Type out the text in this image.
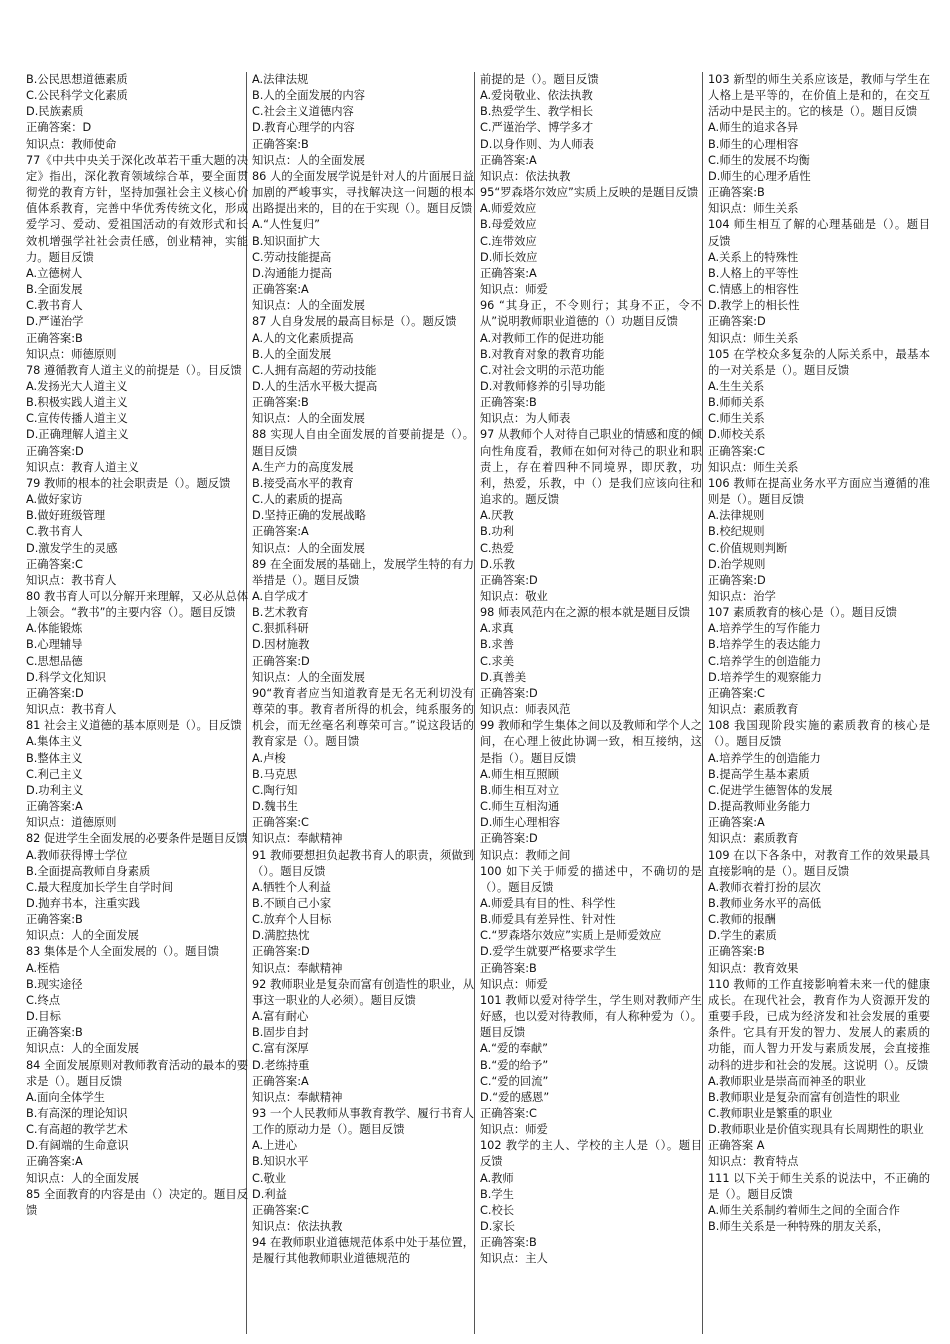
B.公民思想道德素质
C.公民科学文化素质
D.民族素质
正确答案：D
知识点：教师使命
77《中共中央关于深化改革若干重大题的决定》指出，深化教育领域综合革，要全面贯彻党的教育方针，坚持加强社会主义核心价值体系教育，完善中华优秀传统文化，形成爱学习、爱动、爱祖国活动的有效形式和长效机增强学社社会责任感，创业精神，实能力。题目反馈
A.立德树人
B.全面发展
C.教书育人
D.严谨治学
正确答案:B
知识点：师德原则
78 遵循教育人道主义的前提是（）。目反馈
A.发扬光大人道主义
B.积极实践人道主义
C.宣传传播人道主义
D.正确理解人道主义
正确答案:D
知识点：教育人道主义
79 教师的根本的社会职责是（）。题反馈
A.做好家访
B.做好班级管理
C.教书育人
D.激发学生的灵感
正确答案:C
知识点：教书育人
80 教书育人可以分解开来理解，又必从总体上领会。“教书”的主要内容（）。题目反馈
A.体能锻炼
B.心理辅导
C.思想品德
D.科学文化知识
正确答案:D
知识点：教书育人
81 社会主义道德的基本原则是（）。目反馈
A.集体主义
B.整体主义
C.利己主义
D.功利主义
正确答案:A
知识点：道德原则
82 促进学生全面发展的必要条件是题目反馈
A.教师获得博士学位
B.全面提高教师自身素质
C.最大程度加长学生自学时间
D.抛弃书本，注重实践
正确答案:B
知识点：人的全面发展
83 集体是个人全面发展的（）。题目馈
A.桎梏
B.现实途径
C.终点
D.目标
正确答案:B
知识点：人的全面发展
84 全面发展原则对教师教育活动的最本的要求是（）。题目反馈
A.面向全体学生
B.有高深的理论知识
C.有高超的教学艺术
D.有阔端的生命意识
正确答案:A
知识点：人的全面发展
85 全面教育的内容是由（）决定的。题目反馈
A.法律法规
B.人的全面发展的内容
C.社会主义道德内容
D.教育心理学的内容
正确答案:B
知识点：人的全面发展
86 人的全面发展学说是针对人的片面展日益加剧的严峻事实，寻找解决这一问题的根本出路提出来的，目的在于实现（）。题目反馈
A.“人性复归”
B.知识面扩大
C.劳动技能提高
D.沟通能力提高
正确答案:A
知识点：人的全面发展
87 人自身发展的最高目标是（）。题反馈
A.人的文化素质提高
B.人的全面发展
C.人拥有高超的劳动技能
D.人的生活水平极大提高
正确答案:B
知识点：人的全面发展
88 实现人自由全面发展的首要前提是（）。题目反馈
A.生产力的高度发展
B.接受高水平的教育
C.人的素质的提高
D.坚持正确的发展战略
正确答案:A
知识点：人的全面发展
89 在全面发展的基础上，发展学生特的有力举措是（）。题目反馈
A.自学成才
B.艺术教育
C.狠抓科研
D.因材施教
正确答案:D
知识点：人的全面发展
90“教育者应当知道教育是无名无利切没有尊荣的事。教育者所得的机会，纯系服务的机会，而无丝毫名利尊荣可言。”说这段话的教育家是（）。题目馈
A.卢梭
B.马克思
C.陶行知
D.魏书生
正确答案:C
知识点：奉献精神
91 教师要想担负起教书育人的职责，须做到（）。题目反馈
A.牺牲个人利益
B.不顾自己小家
C.放弃个人目标
D.满腔热忱
正确答案:D
知识点：奉献精神
92 教师职业是复杂而富有创造性的职业，从事这一职业的人必须）。题目反馈
A.富有耐心
B.固步自封
C.富有深厚
D.老练持重
正确答案:A
知识点：奉献精神
93 一个人民教师从事教育教学、履行书育人工作的原动力是（）。题目反馈
A.上进心
B.知识水平
C.敬业
D.利益
正确答案:C
知识点：依法执教
94 在教师职业道德规范体系中处于基位置，是履行其他教师职业道德规范的
前提的是（）。题目反馈
A.爱岗敬业、依法执教
B.热爱学生、教学相长
C.严谨治学、博学多才
D.以身作则、为人师表
正确答案:A
知识点：依法执教
95“罗森塔尔效应”实质上反映的是题目反馈
A.师爱效应
B.母爱效应
C.连带效应
D.师长效应
正确答案:A
知识点：师爱
96 “其身正，不令则行；其身不正，令不从”说明教师职业道德的（）功题目反馈
A.对教师工作的促进功能
B.对教育对象的教育功能
C.对社会文明的示范功能
D.对教师修养的引导功能
正确答案:B
知识点：为人师表
97 从教师个人对待自己职业的情感和度的倾向性角度看，教师在如何对待己的职业和职责上，存在着四种不同境界，即厌教，功利，热爱，乐教，中（）是我们应该向往和追求的。题反馈
A.厌教
B.功利
C.热爱
D.乐教
正确答案:D
知识点：敬业
98 师表风范内在之源的根本就是题目反馈
A.求真
B.求善
C.求美
D.真善美
正确答案:D
知识点：师表风范
99 教师和学生集体之间以及教师和学个人之间，在心理上彼此协调一致，相互接纳，这是指（）。题目反馈
A.师生相互照顾
B.师生相互对立
C.师生互相沟通
D.师生心理相容
正确答案:D
知识点：教师之间
100 如下关于师爱的描述中，不确切的是（）。题目反馈
A.师爱具有目的性、科学性
B.师爱具有差异性、针对性
C.“罗森塔尔效应”实质上是师爱效应
D.爱学生就要严格要求学生
正确答案:B
知识点：师爱
101 教师以爱对待学生，学生则对教师产生好感，也以爱对待教师，有人称种爱为（）。题目反馈
A.“爱的奉献”
B.“爱的给予”
C.“爱的回流”
D.“爱的感恩”
正确答案:C
知识点：师爱
102 教学的主人、学校的主人是（）。题目反馈
A.教师
B.学生
C.校长
D.家长
正确答案:B
知识点：主人
103 新型的师生关系应该是，教师与学生在人格上是平等的，在价值上是和的，在交互活动中是民主的。它的核是（）。题目反馈
A.师生的追求各异
B.师生的心理相容
C.师生的发展不均衡
D.师生的心理矛盾性
正确答案:B
知识点：师生关系
104 师生相互了解的心理基础是（）。题目反馈
A.关系上的特殊性
B.人格上的平等性
C.情感上的相容性
D.教学上的相长性
正确答案:D
知识点：师生关系
105 在学校众多复杂的人际关系中，最基本的一对关系是（）。题目反馈
A.生生关系
B.师师关系
C.师生关系
D.师校关系
正确答案:C
知识点：师生关系
106 教师在提高业务水平方面应当遵循的准则是（）。题目反馈
A.法律规则
B.校纪规则
C.价值规则判断
D.治学规则
正确答案:D
知识点：治学
107 素质教育的核心是（）。题目反馈
A.培养学生的写作能力
B.培养学生的表达能力
C.培养学生的创造能力
D.培养学生的观察能力
正确答案:C
知识点：素质教育
108 我国现阶段实施的素质教育的核心是（）。题目反馈
A.培养学生的创造能力
B.提高学生基本素质
C.促进学生德智体的发展
D.提高教师业务能力
正确答案:A
知识点：素质教育
109 在以下各条中，对教育工作的效果最具直接影响的是（）。题目反馈
A.教师衣着打扮的层次
B.教师业务水平的高低
C.教师的报酬
D.学生的素质
正确答案:B
知识点：教育效果
110 教师的工作直接影响着未来一代的健康成长。在现代社会，教育作为人资源开发的重要手段，已成为经济发和社会发展的重要条件。它具有开发的智力、发展人的素质的功能，而人智力开发与素质发展，会直接推动科的进步和社会的发展。这说明（）。反馈
A.教师职业是崇高而神圣的职业
B.教师职业是复杂而富有创造性的职业
C.教师职业是繁重的职业
D.教师职业是价值实现具有长周期性的职业
正确答案 A
知识点：教育特点
111 以下关于师生关系的说法中，不正确的是（）。题目反馈
A.师生关系制约着师生之间的全面合作
B.师生关系是一种特殊的朋友关系，
